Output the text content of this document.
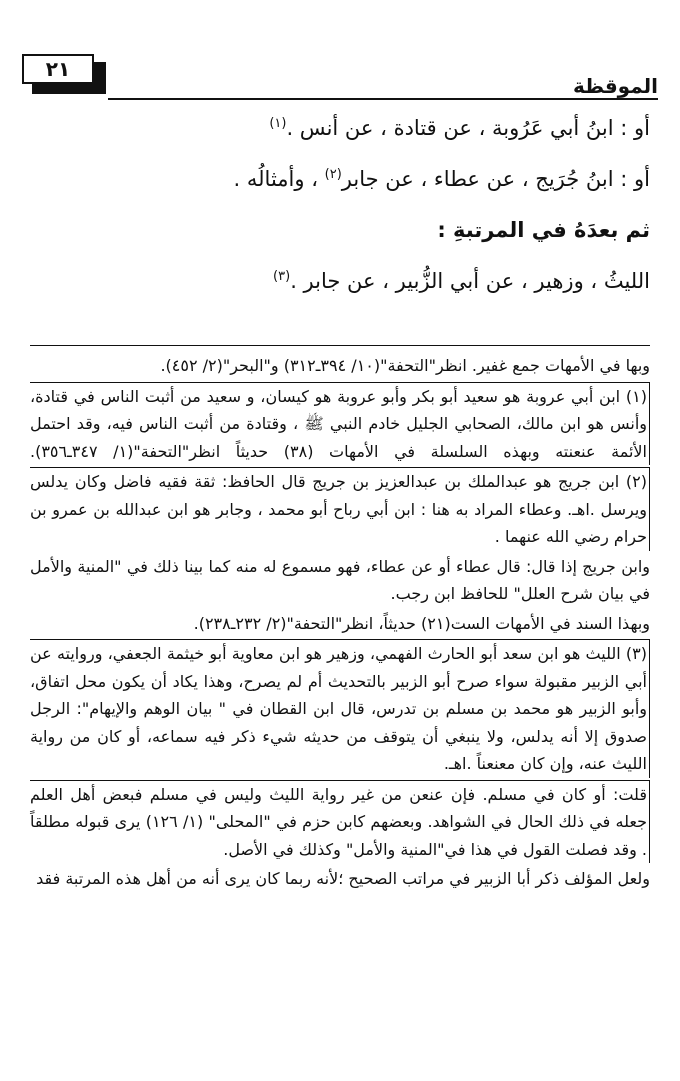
٢١
الموقظة
أو : ابنُ أبي عَرُوبة ، عن قتادة ، عن أنس .$^{(١)}$
أو : ابنُ جُرَيج ، عن عطاء ، عن جابر$^{(٢)}$ ، وأمثالُه .
ثم بعدَهُ في المرتبةِ :
الليثُ ، وزهير ، عن أبي الزُّبير ، عن جابر .$^{(٣)}$

وبها في الأمهات جمع غفير. انظر"التحفة"(١٠/ ٣٩٤ـ٣١٢) و"البحر"(٢/ ٤٥٢).

(١) ابن أبي عروبة هو سعيد أبو بكر وأبو عروبة هو كيسان، و سعيد من أثبت الناس في قتادة، وأنس هو ابن مالك، الصحابي الجليل خادم النبي ﷺ ، وقتادة من أثبت الناس فيه، وقد احتمل الأئمة عنعنته وبهذه السلسلة في الأمهات (٣٨) حديثاً انظر"التحفة"(١/ ٣٤٧ـ٣٥٦).

(٢) ابن جريج هو عبدالملك بن عبدالعزيز بن جريج قال الحافظ: ثقة فقيه فاضل وكان يدلس ويرسل .اهـ. وعطاء المراد به هنا : ابن أبي رباح أبو محمد ، وجابر هو ابن عبدالله بن عمرو بن حرام رضي الله عنهما .

وابن جريج إذا قال: قال عطاء أو عن عطاء، فهو مسموع له منه كما بينا ذلك في "المنية والأمل في بيان شرح العلل" للحافظ ابن رجب.

وبهذا السند في الأمهات الست(٢١) حديثاً، انظر"التحفة"(٢/ ٢٣٢ـ٢٣٨).

(٣) الليث هو ابن سعد أبو الحارث الفهمي، وزهير هو ابن معاوية أبو خيثمة الجعفي، وروايته عن أبي الزبير مقبولة سواء صرح أبو الزبير بالتحديث أم لم يصرح، وهذا يكاد أن يكون محل اتفاق، وأبو الزبير هو محمد بن مسلم بن تدرس، قال ابن القطان في " بيان الوهم والإيهام": الرجل صدوق إلا أنه يدلس، ولا ينبغي أن يتوقف من حديثه شيء ذكر فيه سماعه، أو كان من رواية الليث عنه، وإن كان معنعناً .اهـ.

قلت: أو كان في مسلم. فإن عنعن من غير رواية الليث وليس في مسلم فبعض أهل العلم جعله في ذلك الحال في الشواهد. وبعضهم كابن حزم في "المحلى" (١/ ١٢٦) يرى قبوله مطلقاً . وقد فصلت القول في هذا في"المنية والأمل" وكذلك في الأصل.

ولعل المؤلف ذكر أبا الزبير في مراتب الصحيح ؛لأنه ربما كان يرى أنه من أهل هذه المرتبة فقد
